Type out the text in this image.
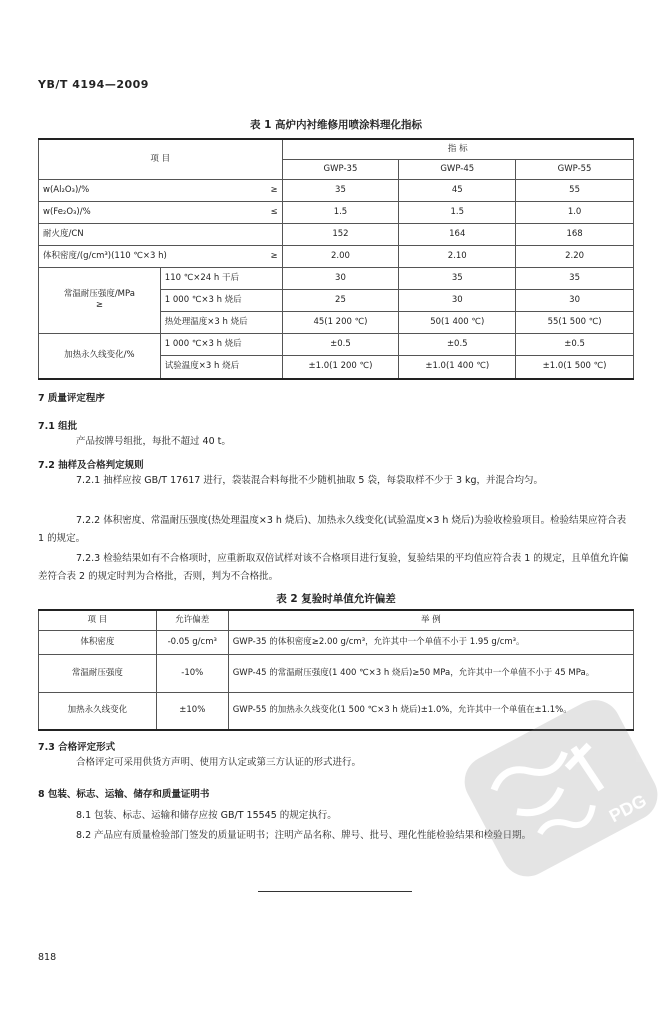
YB/T 4194—2009
表 1 高炉内衬维修用喷涂料理化指标
项 目		指 标		
		GWP-35	GWP-45	GWP-55
w(Al₂O₃)/% ≥		35	45	55
w(Fe₂O₃)/% ≤		1.5	1.5	1.0
耐火度/CN		152	164	168
体积密度/(g/cm³)(110 ℃×3 h) ≥		2.00	2.10	2.20

常温耐压强度/MPa
≥	110 ℃×24 h 干后	30	35	35
	1 000 ℃×3 h 烧后	25	30	30
	热处理温度×3 h 烧后	45(1 200 ℃)	50(1 400 ℃)	55(1 500 ℃)
加热永久线变化/%	1 000 ℃×3 h 烧后	±0.5	±0.5	±0.5
	试验温度×3 h 烧后	±1.0(1 200 ℃)	±1.0(1 400 ℃)	±1.0(1 500 ℃)
7 质量评定程序
7.1 组批
产品按牌号组批，每批不超过 40 t。
7.2 抽样及合格判定规则
7.2.1 抽样应按 GB/T 17617 进行，袋装混合料每批不少随机抽取 5 袋，每袋取样不少于 3 kg，并混合均匀。
7.2.2 体积密度、常温耐压强度(热处理温度×3 h 烧后)、加热永久线变化(试验温度×3 h 烧后)为验收检验项目。检验结果应符合表 1 的规定。
7.2.3 检验结果如有不合格项时，应重新取双倍试样对该不合格项目进行复验，复验结果的平均值应符合表 1 的规定，且单值允许偏差符合表 2 的规定时判为合格批，否则，判为不合格批。
表 2 复验时单值允许偏差
项 目	允许偏差	举 例
体积密度	-0.05 g/cm³	GWP-35 的体积密度≥2.00 g/cm³，允许其中一个单值不小于 1.95 g/cm³。
常温耐压强度	-10%	GWP-45 的常温耐压强度(1 400 ℃×3 h 烧后)≥50 MPa，允许其中一个单值不小于 45 MPa。
加热永久线变化	±10%	GWP-55 的加热永久线变化(1 500 ℃×3 h 烧后)±1.0%，允许其中一个单值在±1.1%。
7.3 合格评定形式
合格评定可采用供货方声明、使用方认定或第三方认证的形式进行。
8 包装、标志、运输、储存和质量证明书
8.1 包装、标志、运输和储存应按 GB/T 15545 的规定执行。
8.2 产品应有质量检验部门签发的质量证明书；注明产品名称、牌号、批号、理化性能检验结果和检验日期。
818
PDG
